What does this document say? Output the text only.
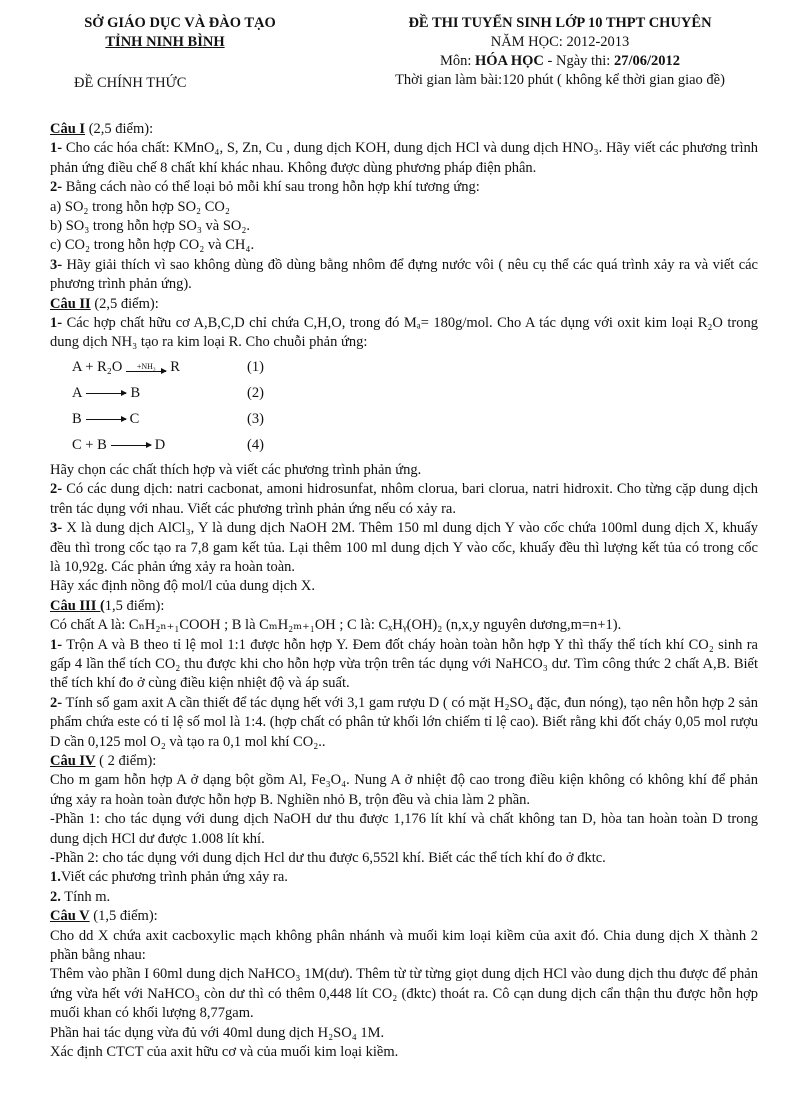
SỞ GIÁO DỤC VÀ ĐÀO TẠO
TỈNH NINH BÌNH
ĐỀ CHÍNH THỨC
ĐỀ THI TUYỂN SINH LỚP 10 THPT CHUYÊN
NĂM HỌC: 2012-2013
Môn: HÓA HỌC - Ngày thi: 27/06/2012
Thời gian làm bài:120 phút ( không kể thời gian giao đề)

Câu I (2,5 điểm):

1- Cho các hóa chất: KMnO₄, S, Zn, Cu , dung dịch KOH, dung dịch HCl và dung dịch HNO₃. Hãy viết các phương trình phản ứng điều chế 8 chất khí khác nhau. Không được dùng phương pháp điện phân.

2- Bằng cách nào có thể loại bỏ mỗi khí sau trong hỗn hợp khí tương ứng:

a) SO₂ trong hỗn hợp SO₂ CO₂

b) SO₃ trong hỗn hợp SO₃ và SO₂.

c) CO₂ trong hỗn hợp CO₂ và CH₄.

3- Hãy giải thích vì sao không dùng đồ dùng bằng nhôm để đựng nước vôi ( nêu cụ thể các quá trình xảy ra và viết các phương trình phản ứng).

Câu II (2,5 điểm):

1- Các hợp chất hữu cơ A,B,C,D chỉ chứa C,H,O, trong đó Mₐ= 180g/mol. Cho A tác dụng với oxit kim loại R₂O trong dung dịch NH₃ tạo ra kim loại R. Cho chuỗi phản ứng:

A + R₂O +NH₃ R	(1)
A	B	(2)
B	C	(3)
C + B	D	(4)

Hãy chọn các chất thích hợp và viết các phương trình phản ứng.

2- Có các dung dịch: natri cacbonat, amoni hidrosunfat, nhôm clorua, bari clorua, natri hidroxit. Cho từng cặp dung dịch trên tác dụng với nhau. Viết các phương trình phản ứng nếu có xảy ra.

3- X là dung dịch AlCl₃, Y là dung dịch NaOH 2M. Thêm 150 ml dung dịch Y vào cốc chứa 100ml dung dịch X, khuấy đều thì trong cốc tạo ra 7,8 gam kết tủa. Lại thêm 100 ml dung dịch Y vào cốc, khuấy đều thì lượng kết tủa có trong cốc là 10,92g. Các phản ứng xảy ra hoàn toàn.

Hãy xác định nồng độ mol/l của dung dịch X.

Câu III (1,5 điểm):

Có chất A là: CₙH₂ₙ₊₁COOH ; B là CₘH₂ₘ₊₁OH ; C là: CₓHᵧ(OH)₂ (n,x,y nguyên dương,m=n+1).

1- Trộn A và B theo tỉ lệ mol 1:1 được hỗn hợp Y. Đem đốt cháy hoàn toàn hỗn hợp Y thì thấy thể tích khí CO₂ sinh ra gấp 4 lần thể tích CO₂ thu được khi cho hỗn hợp vừa trộn trên tác dụng với NaHCO₃ dư. Tìm công thức 2 chất A,B. Biết thể tích khí đo ở cùng điều kiện nhiệt độ và áp suất.

2- Tính số gam axit A cần thiết để tác dụng hết với 3,1 gam rượu D ( có mặt H₂SO₄ đặc, đun nóng), tạo nên hỗn hợp 2 sản phẩm chứa este có tỉ lệ số mol là 1:4. (hợp chất có phân tử khối lớn chiếm tỉ lệ cao). Biết rằng khi đốt cháy 0,05 mol rượu D cần 0,125 mol O₂ và tạo ra 0,1 mol khí CO₂..

Câu IV ( 2 điểm):

Cho m gam hỗn hợp A ở dạng bột gồm Al, Fe₃O₄. Nung A ở nhiệt độ cao trong điều kiện không có không khí để phản ứng xảy ra hoàn toàn được hỗn hợp B. Nghiền nhỏ B, trộn đều và chia làm 2 phần.

-Phần 1: cho tác dụng với dung dịch NaOH dư thu được 1,176 lít khí và chất không tan D, hòa tan hoàn toàn D trong dung dịch HCl dư được 1.008 lít khí.

-Phần 2: cho tác dụng với dung dịch Hcl dư thu được 6,552l khí. Biết các thể tích khí đo ở đktc.

1.Viết các phương trình phản ứng xảy ra.

2. Tính m.

Câu V (1,5 điểm):

Cho dd X chứa axit cacboxylic mạch không phân nhánh và muối kim loại kiềm của axit đó. Chia dung dịch X thành 2 phần bằng nhau:

Thêm vào phần I 60ml dung dịch NaHCO₃ 1M(dư). Thêm từ từ từng giọt dung dịch HCl vào dung dịch thu được để phản ứng vừa hết với NaHCO₃ còn dư thì có thêm 0,448 lít CO₂ (đktc) thoát ra. Cô cạn dung dịch cẩn thận thu được hỗn hợp muối khan có khối lượng 8,77gam.

Phần hai tác dụng vừa đủ với 40ml dung dịch H₂SO₄ 1M.

Xác định CTCT của axit hữu cơ và của muối kim loại kiềm.
